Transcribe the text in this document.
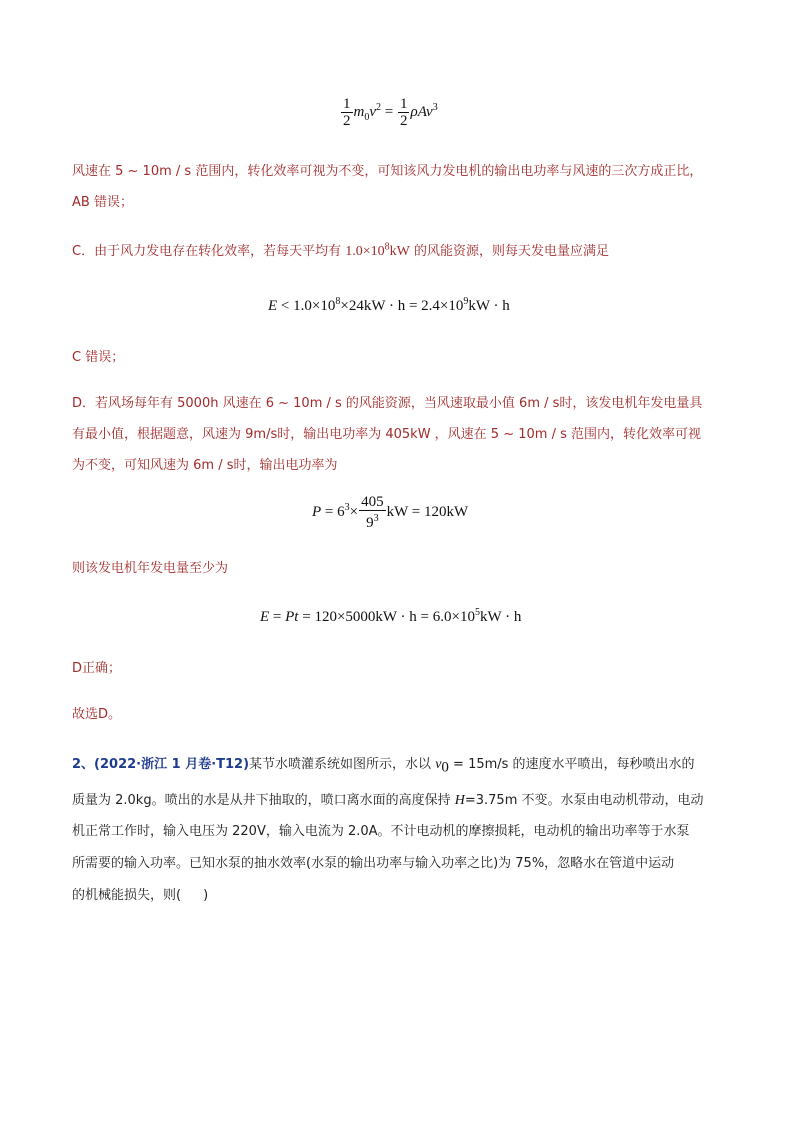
$\frac{1}{2} m_0v^2 = \frac{1}{2} \rho Av^3$
风速在 5 ~ 10m / s 范围内，转化效率可视为不变，可知该风力发电机的输出电功率与风速的三次方成正比，
AB 错误；
C．由于风力发电存在转化效率，若每天平均有 $1.0\times 10^8kW$ 的风能资源，则每天发电量应满足
$E < 1.0\times 10^8\times 24kW \cdot h = 2.4\times 10^9kW \cdot h$
C 错误；
D．若风场每年有 5000h 风速在 6 ~ 10m / s 的风能资源，当风速取最小值 6m / s时，该发电机年发电量具
有最小值，根据题意，风速为 9m/s时，输出电功率为 405kW ，风速在 5 ~ 10m / s 范围内，转化效率可视
为不变，可知风速为 6m / s时，输出电功率为
$P = 6^3\times \frac{405}{9^3}$ kW = 120kW
则该发电机年发电量至少为
$E = Pt = 120\times 5000kW \cdot h = 6.0\times 10^5kW \cdot h$
D正确；
故选D。
2、(2022·浙江 1 月卷·T12)某节水喷灌系统如图所示，水以 $v_0 = 15m/s$ 的速度水平喷出，每秒喷出水的
质量为 2.0kg。喷出的水是从井下抽取的，喷口离水面的高度保持 H=3.75m 不变。水泵由电动机带动，电动
机正常工作时，输入电压为 220V，输入电流为 2.0A。不计电动机的摩擦损耗，电动机的输出功率等于水泵
所需要的输入功率。已知水泵的抽水效率(水泵的输出功率与输入功率之比)为 75%，忽略水在管道中运动
的机械能损失，则( )
